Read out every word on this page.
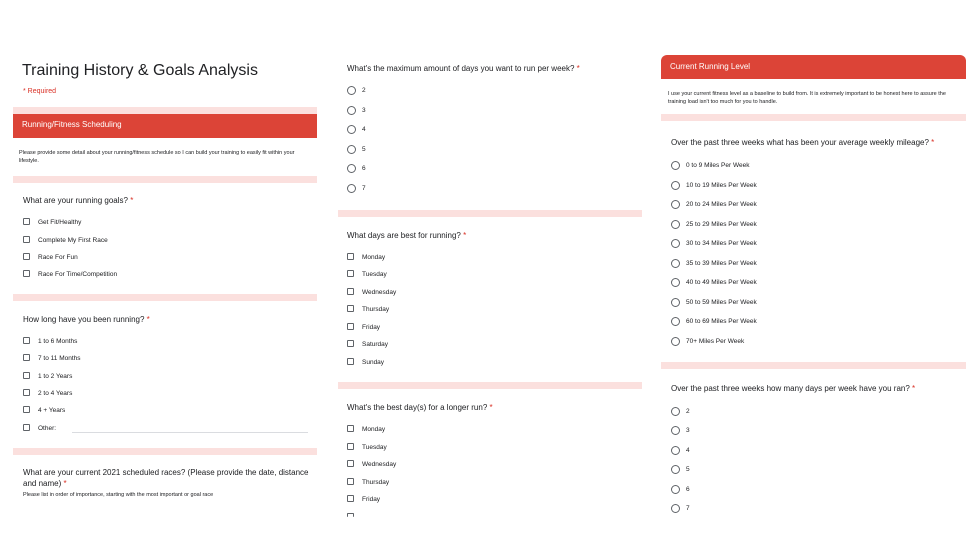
Training History & Goals Analysis
* Required
Running/Fitness Scheduling
Please provide some detail about your running/fitness schedule so I can build your training to easily fit within your lifestyle.
What are your running goals? *
Get Fit/Healthy
Complete My First Race
Race For Fun
Race For Time/Competition
How long have you been running? *
1 to 6 Months
7 to 11 Months
1 to 2 Years
2 to 4 Years
4 + Years
Other:
What are your current 2021 scheduled races? (Please provide the date, distance and name) *
Please list in order of importance, starting with the most important or goal race
What's the maximum amount of days you want to run per week? *
2
3
4
5
6
7
What days are best for running? *
Monday
Tuesday
Wednesday
Thursday
Friday
Saturday
Sunday
What's the best day(s) for a longer run? *
Monday
Tuesday
Wednesday
Thursday
Friday
Current Running Level
I use your current fitness level as a baseline to build from. It is extremely important to be honest here to assure the training load isn't too much for you to handle.
Over the past three weeks what has been your average weekly mileage? *
0 to 9 Miles Per Week
10 to 19 Miles Per Week
20 to 24 Miles Per Week
25 to 29 Miles Per Week
30 to 34 Miles Per Week
35 to 39 Miles Per Week
40 to 49 Miles Per Week
50 to 59 Miles Per Week
60 to 69 Miles Per Week
70+ Miles Per Week
Over the past three weeks how many days per week have you ran? *
2
3
4
5
6
7
